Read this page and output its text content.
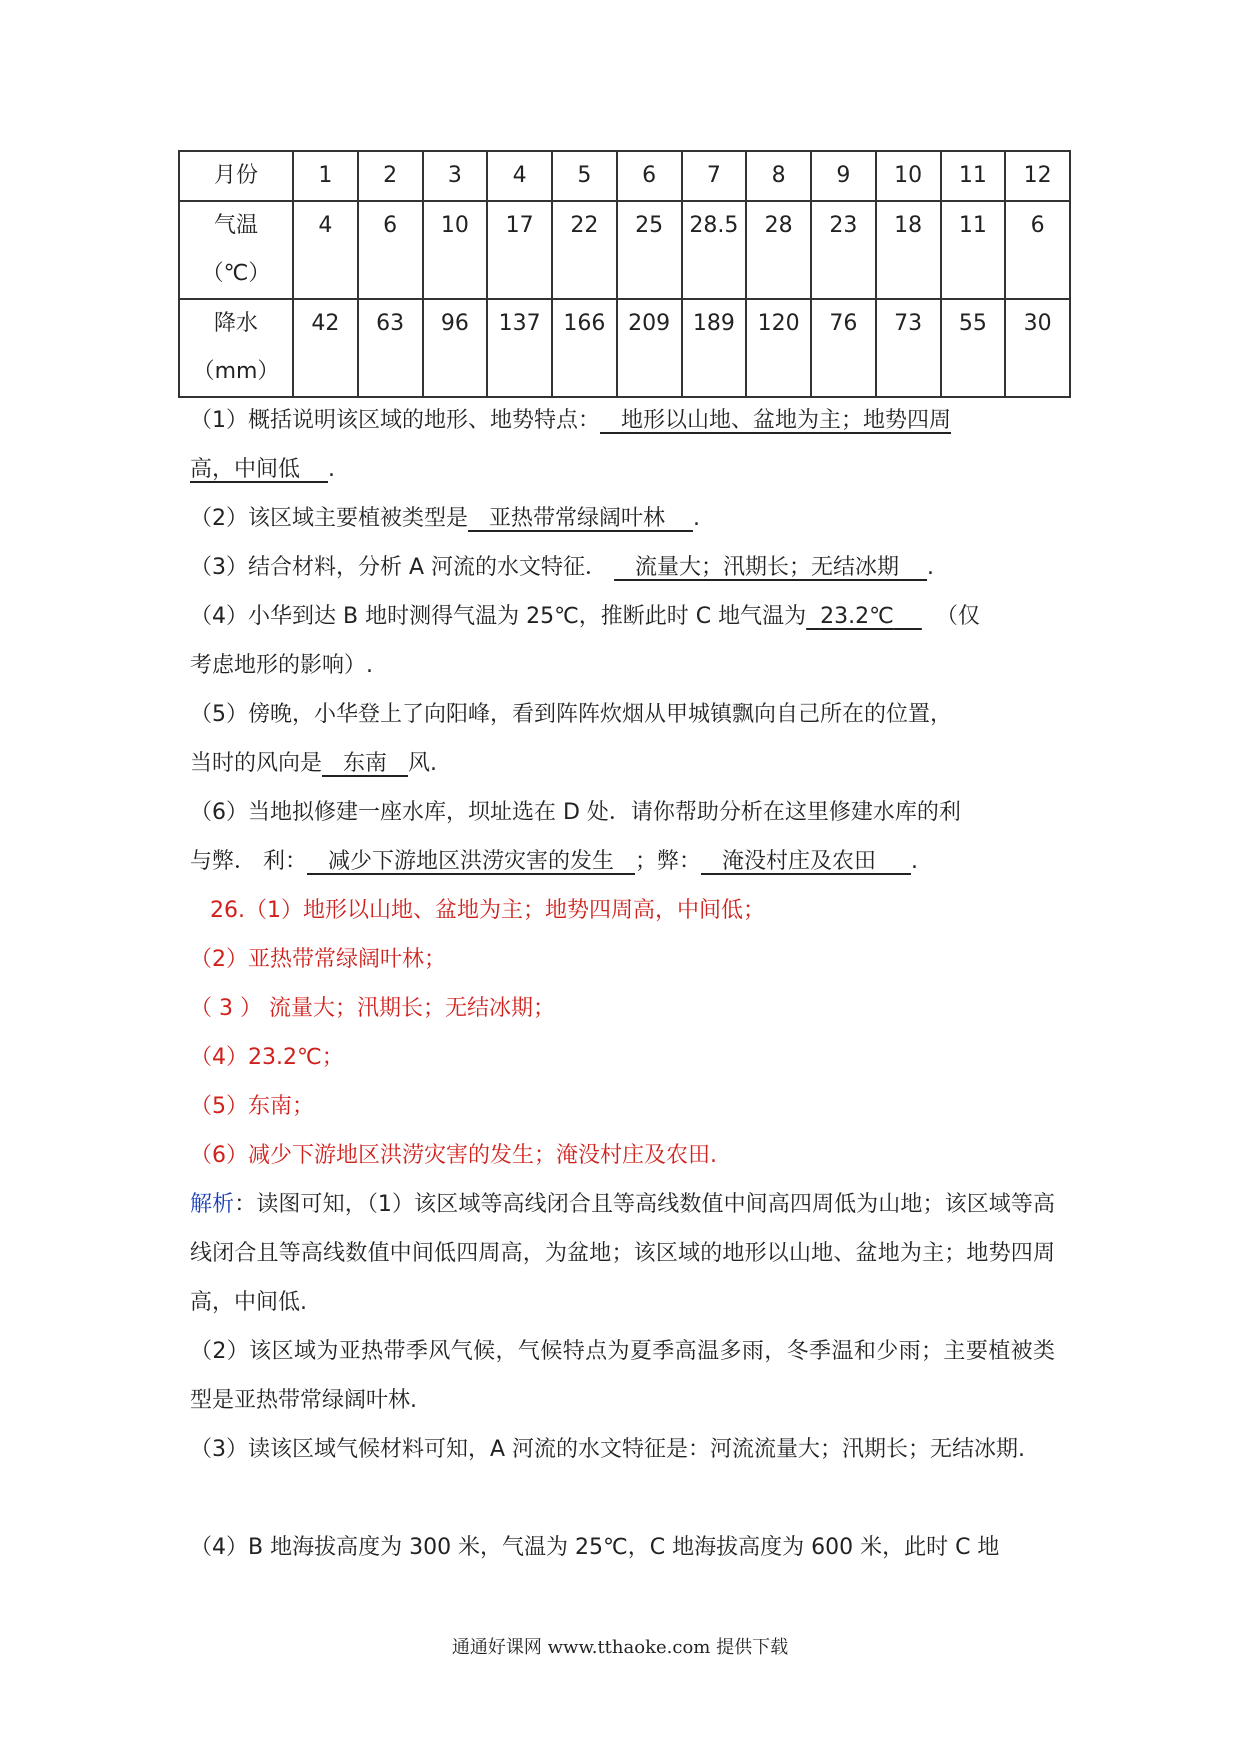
月份	1	2	3	4	5	6	7	8	9	10	11	12

气温
（℃）	4	6	10	17	22	25	28.5	28	23	18	11	6

降水
（mm）	42	63	96	137	166	209	189	120	76	73	55	30
（1）概括说明该区域的地形、地势特点： 地形以山地、盆地为主；地势四周
高，中间低 .
（2）该区域主要植被类型是 亚热带常绿阔叶林 .
（3）结合材料，分析 A 河流的水文特征． 流量大；汛期长；无结冰期 .
（4）小华到达 B 地时测得气温为 25℃，推断此时 C 地气温为 23.2℃ （仅
考虑地形的影响）.
（5）傍晚，小华登上了向阳峰，看到阵阵炊烟从甲城镇飘向自己所在的位置，
当时的风向是 东南 风.
（6）当地拟修建一座水库，坝址选在 D 处．请你帮助分析在这里修建水库的利
与弊． 利： 减少下游地区洪涝灾害的发生 ；弊： 淹没村庄及农田 .
26.（1）地形以山地、盆地为主；地势四周高，中间低；
（2）亚热带常绿阔叶林；
（ 3 ） 流量大；汛期长；无结冰期；
（4）23.2℃；
（5）东南；
（6）减少下游地区洪涝灾害的发生；淹没村庄及农田.
解析：读图可知，（1）该区域等高线闭合且等高线数值中间高四周低为山地；该区域等高线闭合且等高线数值中间低四周高，为盆地；该区域的地形以山地、盆地为主；地势四周高，中间低.
（2）该区域为亚热带季风气候，气候特点为夏季高温多雨，冬季温和少雨；主要植被类型是亚热带常绿阔叶林.
（3）读该区域气候材料可知，A 河流的水文特征是：河流流量大；汛期长；无结冰期.
（4）B 地海拔高度为 300 米，气温为 25℃，C 地海拔高度为 600 米，此时 C 地
通通好课网 www.tthaoke.com 提供下载
